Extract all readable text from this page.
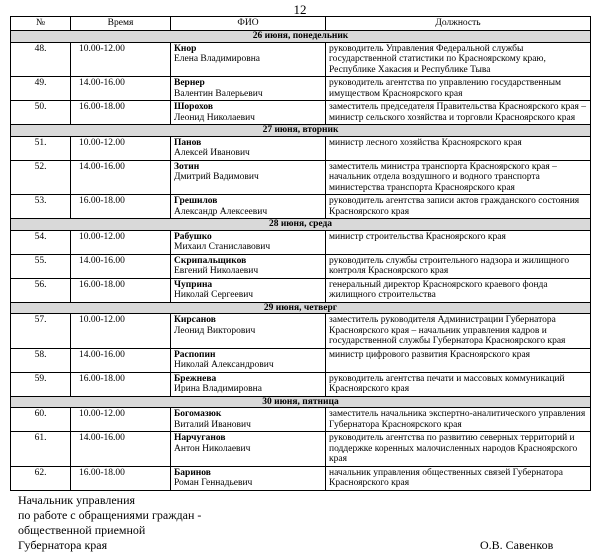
12
№	Время	ФИО	Должность
26 июня, понедельник			
48.	10.00-12.00	Кнор
Елена Владимировна	руководитель Управления Федеральной службы государственной статистики по Красноярскому краю, Республике Хакасия и Республике Тыва
49.	14.00-16.00	Вернер
Валентин Валерьевич	руководитель агентства по управлению государственным имуществом Красноярского края
50.	16.00-18.00	Шорохов
Леонид Николаевич	заместитель председателя Правительства Красноярского края – министр сельского хозяйства и торговли Красноярского края
27 июня, вторник			
51.	10.00-12.00	Панов
Алексей Иванович	министр лесного хозяйства Красноярского края
52.	14.00-16.00	Зотин
Дмитрий Вадимович	заместитель министра транспорта Красноярского края – начальник отдела воздушного и водного транспорта министерства транспорта Красноярского края
53.	16.00-18.00	Грешилов
Александр Алексеевич	руководитель агентства записи актов гражданского состояния Красноярского края
28 июня, среда			
54.	10.00-12.00	Рабушко
Михаил Станиславович	министр строительства Красноярского края
55.	14.00-16.00	Скрипальщиков
Евгений Николаевич	руководитель службы строительного надзора и жилищного контроля Красноярского края
56.	16.00-18.00	Чуприна
Николай Сергеевич	генеральный директор Красноярского краевого фонда жилищного строительства
29 июня, четверг			
57.	10.00-12.00	Кирсанов
Леонид Викторович	заместитель руководителя Администрации Губернатора Красноярского края – начальник управления кадров и государственной службы Губернатора Красноярского края
58.	14.00-16.00	Распопин
Николай Александрович	министр цифрового развития Красноярского края
59.	16.00-18.00	Брежнева
Ирина Владимировна	руководитель агентства печати и массовых коммуникаций Красноярского края
30 июня, пятница			
60.	10.00-12.00	Богомазюк
Виталий Иванович	заместитель начальника экспертно-аналитического управления Губернатора Красноярского края
61.	14.00-16.00	Нарчуганов
Антон Николаевич	руководитель агентства по развитию северных территорий и поддержке коренных малочисленных народов Красноярского края
62.	16.00-18.00	Баринов
Роман Геннадьевич	начальник управления общественных связей Губернатора Красноярского края
Начальник управления
по работе с обращениями граждан -
общественной приемной
Губернатора края	О.В. Савенков
